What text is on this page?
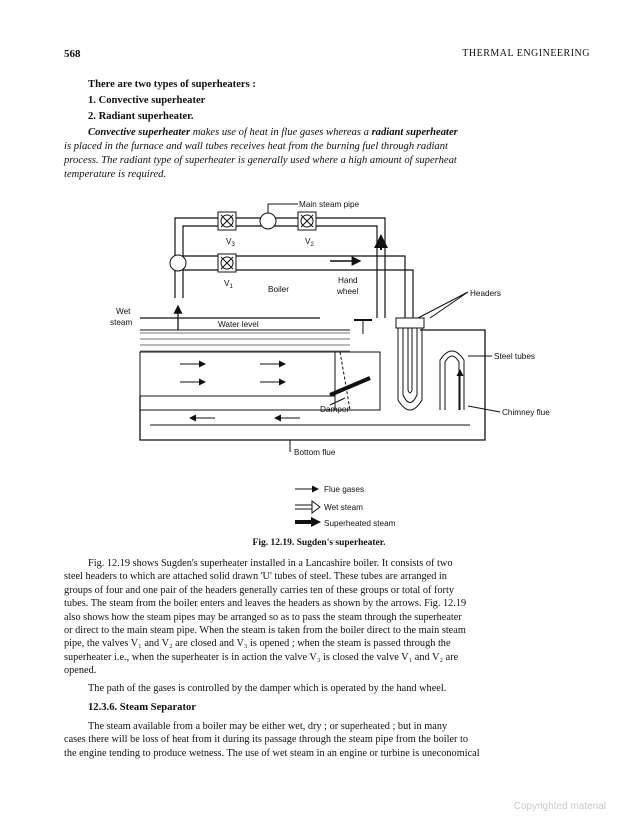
568	THERMAL ENGINEERING
There are two types of superheaters :
1. Convective superheater
2. Radiant superheater.
Convective superheater makes use of heat in flue gases whereas a radiant superheater
is placed in the furnace and wall tubes receives heat from the burning fuel through radiant
process. The radiant type of superheater is generally used where a high amount of superheat
temperature is required.
Main steam pipe
$V_3$	$V_2$
$V_1$	Boiler
Hand
wheel	Headers
Wet
steam	Water level
Steel tubes
Damper	Chimney flue
Bottom flue
Flue gases
Wet steam
Superheated steam
Fig. 12.19. Sugden's superheater.
Fig. 12.19 shows Sugden's superheater installed in a Lancashire boiler. It consists of two
steel headers to which are attached solid drawn 'U' tubes of steel. These tubes are arranged in
groups of four and one pair of the headers generally carries ten of these groups or total of forty
tubes. The steam from the boiler enters and leaves the headers as shown by the arrows. Fig. 12.19
also shows how the steam pipes may be arranged so as to pass the steam through the superheater
or direct to the main steam pipe. When the steam is taken from the boiler direct to the main steam
pipe, the valves V₁ and V₂ are closed and V₃ is opened ; when the steam is passed through the
superheater i.e., when the superheater is in action the valve V₃ is closed the valve V₁ and V₂ are
opened.
The path of the gases is controlled by the damper which is operated by the hand wheel.
12.3.6. Steam Separator
The steam available from a boiler may be either wet, dry ; or superheated ; but in many
cases there will be loss of heat from it during its passage through the steam pipe from the boiler to
the engine tending to produce wetness. The use of wet steam in an engine or turbine is uneconomical
Copyrighted material
